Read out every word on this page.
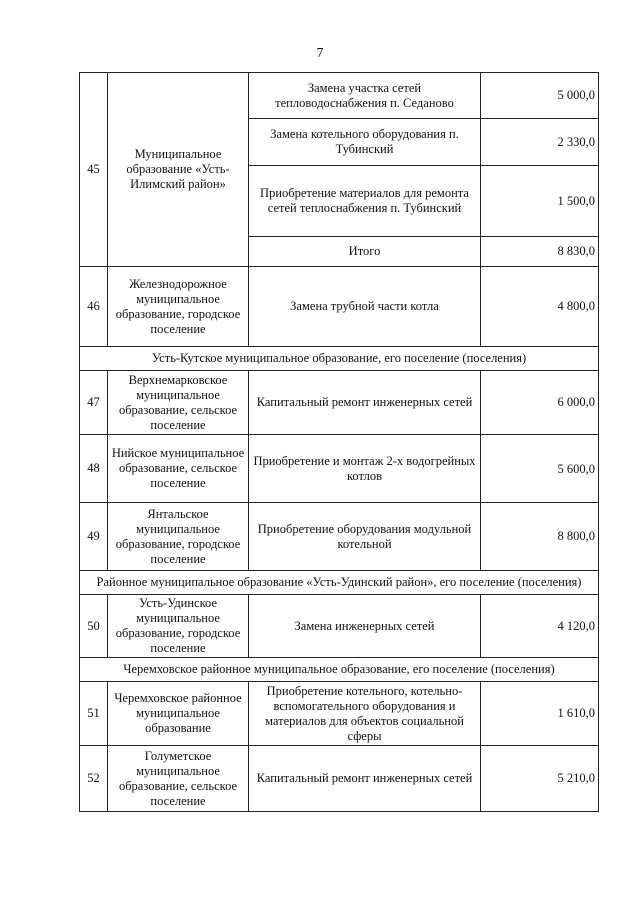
7
45	Муниципальное образование «Усть-Илимский район»	Замена участка сетей тепловодоснабжения п. Седаново	5 000,0
		Замена котельного оборудования п. Тубинский	2 330,0
		Приобретение материалов для ремонта сетей теплоснабжения п. Тубинский	1 500,0
		Итого	8 830,0
46	Железнодорожное муниципальное образование, городское поселение	Замена трубной части котла	4 800,0
Усть-Кутское муниципальное образование, его поселение (поселения)			
47	Верхнемарковское муниципальное образование, сельское поселение	Капитальный ремонт инженерных сетей	6 000,0
48	Нийское муниципальное образование, сельское поселение	Приобретение и монтаж 2-х водогрейных котлов	5 600,0
49	Янтальское муниципальное образование, городское поселение	Приобретение оборудования модульной котельной	8 800,0
Районное муниципальное образование «Усть-Удинский район», его поселение (поселения)			
50	Усть-Удинское муниципальное образование, городское поселение	Замена инженерных сетей	4 120,0
Черемховское районное муниципальное образование, его поселение (поселения)			
51	Черемховское районное муниципальное образование	Приобретение котельного, котельно-вспомогательного оборудования и материалов для объектов социальной сферы	1 610,0
52	Голуметское муниципальное образование, сельское поселение	Капитальный ремонт инженерных сетей	5 210,0
